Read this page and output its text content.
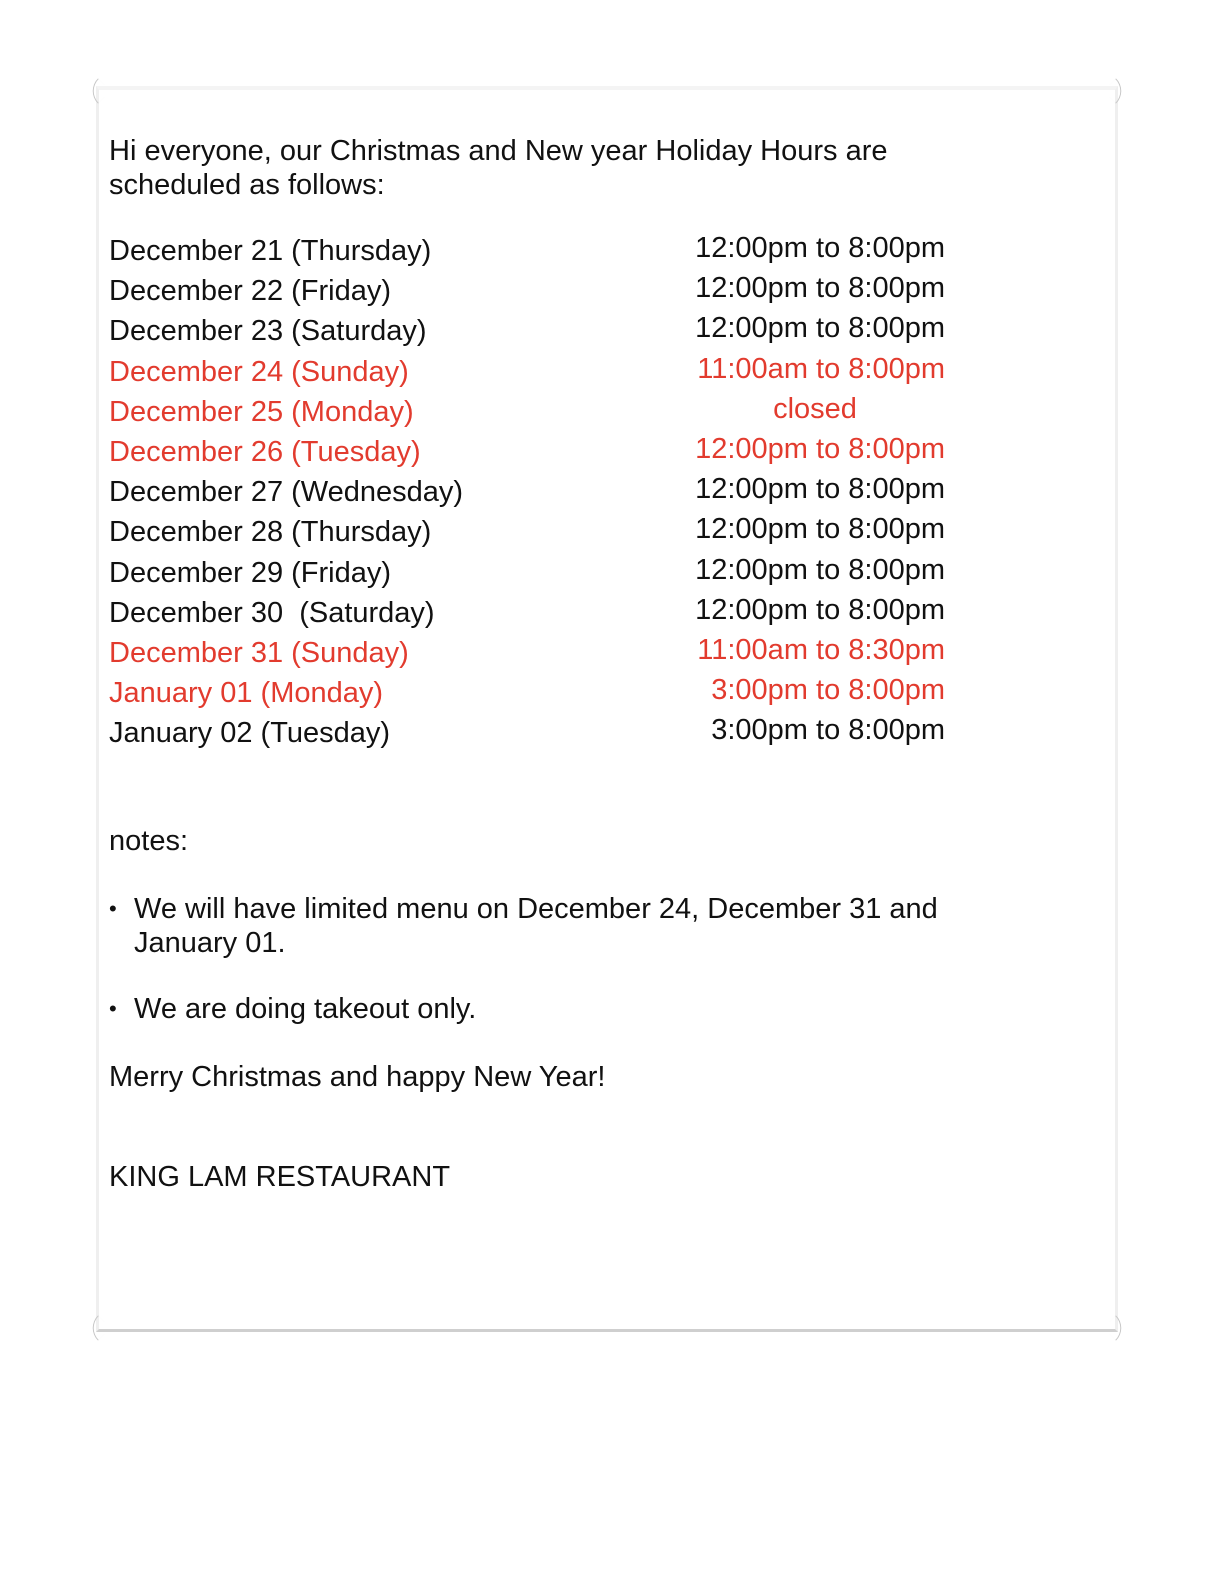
Hi everyone, our Christmas and New year Holiday Hours are scheduled as follows:
December 21 (Thursday)	12:00pm to 8:00pm
December 22 (Friday)	12:00pm to 8:00pm
December 23 (Saturday)	12:00pm to 8:00pm
December 24 (Sunday)	11:00am to 8:00pm
December 25 (Monday)	closed
December 26 (Tuesday)	12:00pm to 8:00pm
December 27 (Wednesday)	12:00pm to 8:00pm
December 28 (Thursday)	12:00pm to 8:00pm
December 29 (Friday)	12:00pm to 8:00pm
December 30  (Saturday)	12:00pm to 8:00pm
December 31 (Sunday)	11:00am to 8:30pm
January 01 (Monday)	3:00pm to 8:00pm
January 02 (Tuesday)	3:00pm to 8:00pm
notes:
• We will have limited menu on December 24, December 31 and January 01.
• We are doing takeout only.
Merry Christmas and happy New Year!
KING LAM RESTAURANT
